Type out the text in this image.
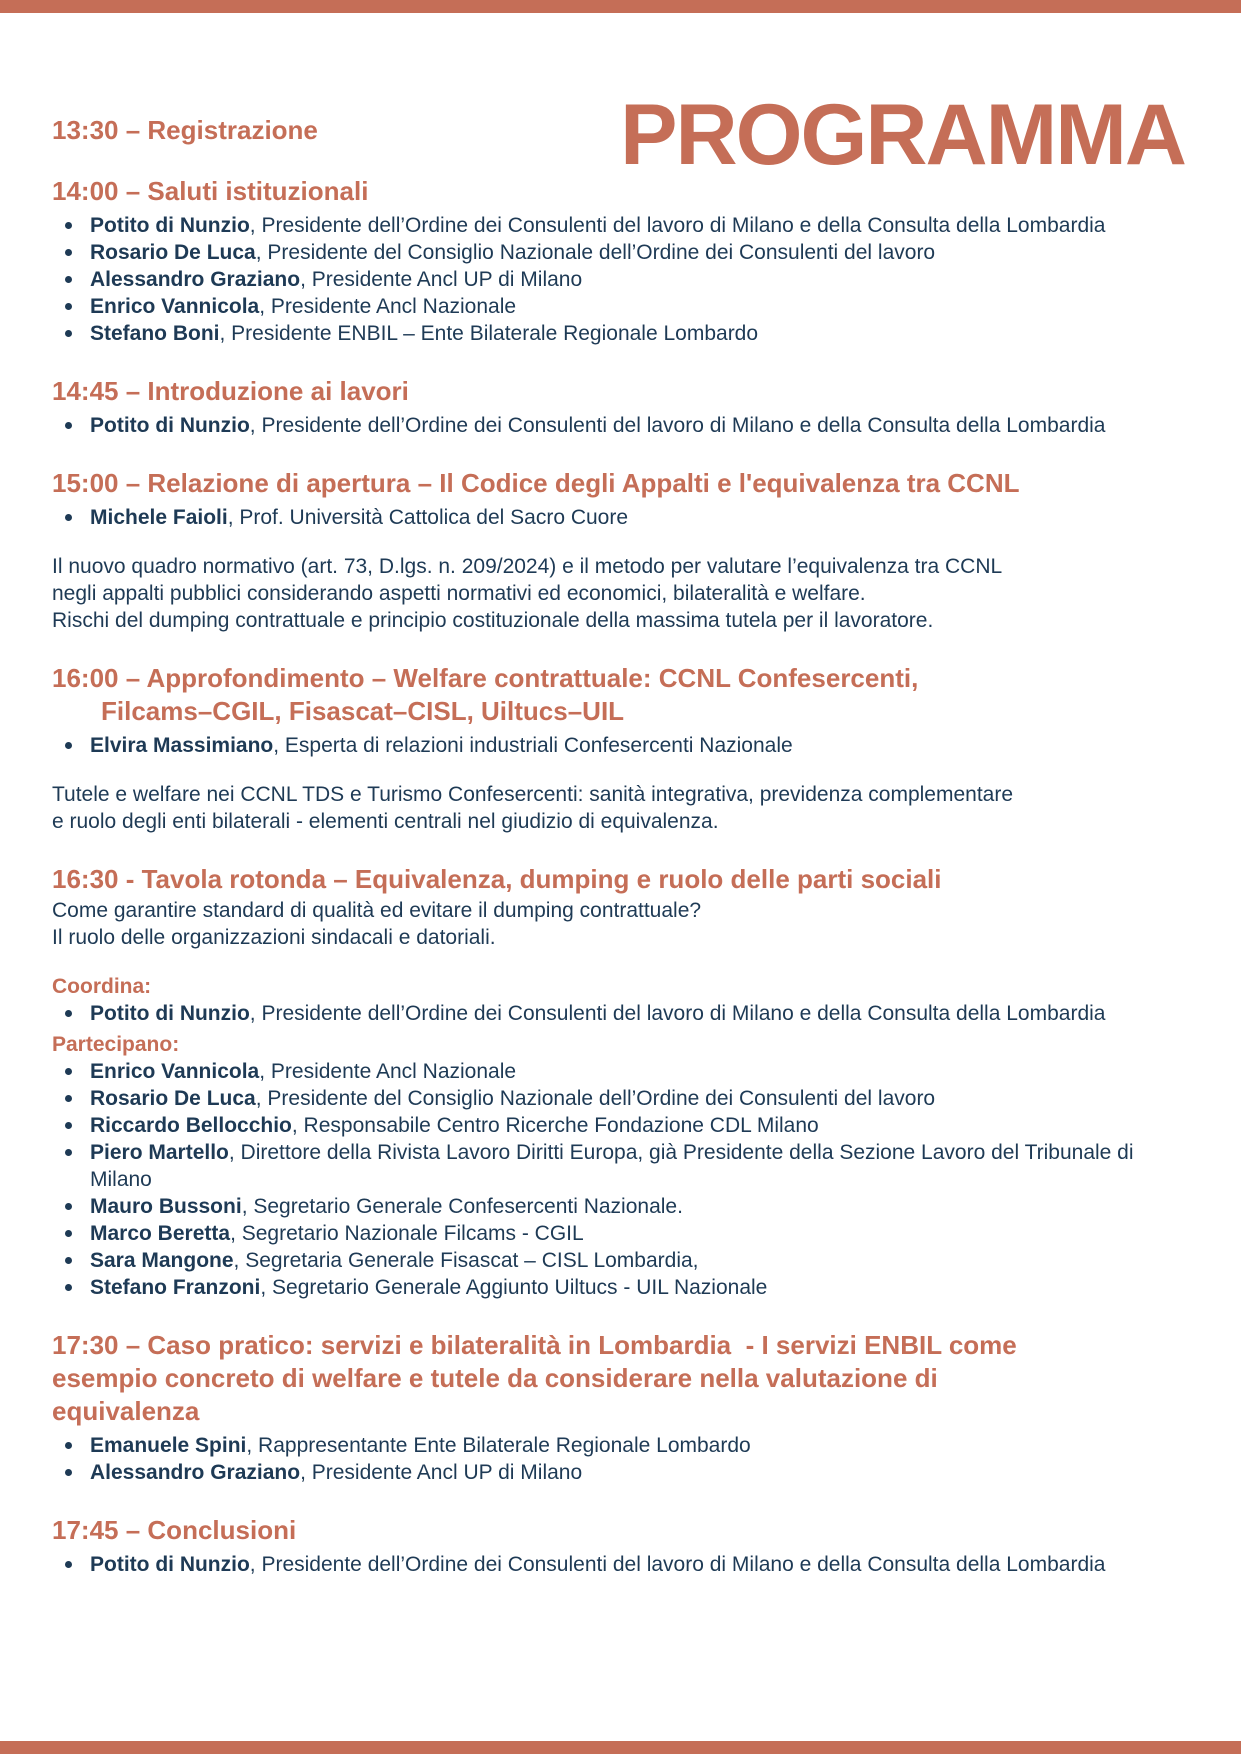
PROGRAMMA
13:30 – Registrazione
14:00 – Saluti istituzionali
Potito di Nunzio, Presidente dell’Ordine dei Consulenti del lavoro di Milano e della Consulta della Lombardia
Rosario De Luca, Presidente del Consiglio Nazionale dell’Ordine dei Consulenti del lavoro
Alessandro Graziano, Presidente Ancl UP di Milano
Enrico Vannicola, Presidente Ancl Nazionale
Stefano Boni, Presidente ENBIL – Ente Bilaterale Regionale Lombardo
14:45 – Introduzione ai lavori
Potito di Nunzio, Presidente dell’Ordine dei Consulenti del lavoro di Milano e della Consulta della Lombardia
15:00 – Relazione di apertura – Il Codice degli Appalti e l'equivalenza tra CCNL
Michele Faioli, Prof. Università Cattolica del Sacro Cuore

Il nuovo quadro normativo (art. 73, D.lgs. n. 209/2024) e il metodo per valutare l’equivalenza tra CCNL
negli appalti pubblici considerando aspetti normativi ed economici, bilateralità e welfare.
Rischi del dumping contrattuale e principio costituzionale della massima tutela per il lavoratore.

16:00 – Approfondimento – Welfare contrattuale: CCNL Confesercenti,
Filcams–CGIL, Fisascat–CISL, Uiltucs–UIL
Elvira Massimiano, Esperta di relazioni industriali Confesercenti Nazionale

Tutele e welfare nei CCNL TDS e Turismo Confesercenti: sanità integrativa, previdenza complementare
e ruolo degli enti bilaterali - elementi centrali nel giudizio di equivalenza.

16:30 - Tavola rotonda – Equivalenza, dumping e ruolo delle parti sociali

Come garantire standard di qualità ed evitare il dumping contrattuale?
Il ruolo delle organizzazioni sindacali e datoriali.

Coordina:
Potito di Nunzio, Presidente dell’Ordine dei Consulenti del lavoro di Milano e della Consulta della Lombardia
Partecipano:
Enrico Vannicola, Presidente Ancl Nazionale
Rosario De Luca, Presidente del Consiglio Nazionale dell’Ordine dei Consulenti del lavoro
Riccardo Bellocchio, Responsabile Centro Ricerche Fondazione CDL Milano
Piero Martello, Direttore della Rivista Lavoro Diritti Europa, già Presidente della Sezione Lavoro del Tribunale di Milano
Mauro Bussoni, Segretario Generale Confesercenti Nazionale.
Marco Beretta, Segretario Nazionale Filcams - CGIL
Sara Mangone, Segretaria Generale Fisascat – CISL Lombardia,
Stefano Franzoni, Segretario Generale Aggiunto Uiltucs - UIL Nazionale
17:30 – Caso pratico: servizi e bilateralità in Lombardia  - I servizi ENBIL come
esempio concreto di welfare e tutele da considerare nella valutazione di
equivalenza
Emanuele Spini, Rappresentante Ente Bilaterale Regionale Lombardo
Alessandro Graziano, Presidente Ancl UP di Milano
17:45 – Conclusioni
Potito di Nunzio, Presidente dell’Ordine dei Consulenti del lavoro di Milano e della Consulta della Lombardia
